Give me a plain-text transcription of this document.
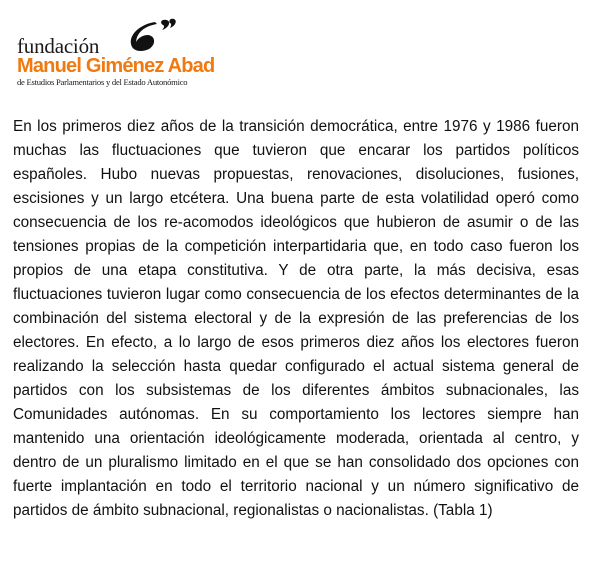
fundación
Manuel Giménez Abad
de Estudios Parlamentarios y del Estado Autonómico

En los primeros diez años de la transición democrática, entre 1976 y 1986 fueron muchas las fluctuaciones que tuvieron que encarar los partidos políticos españoles. Hubo nuevas propuestas, renovaciones, disoluciones, fusiones, escisiones y un largo etcétera. Una buena parte de esta volatilidad operó como consecuencia de los re-acomodos ideológicos que hubieron de asumir o de las tensiones propias de la competición interpartidaria que, en todo caso fueron los propios de una etapa constitutiva. Y de otra parte, la más decisiva, esas fluctuaciones tuvieron lugar como consecuencia de los efectos determinantes de la combinación del sistema electoral y de la expresión de las preferencias de los electores. En efecto, a lo largo de esos primeros diez años los electores fueron realizando la selección hasta quedar configurado el actual sistema general de partidos con los subsistemas de los diferentes ámbitos subnacionales, las Comunidades autónomas. En su comportamiento los lectores siempre han mantenido una orientación ideológicamente moderada, orientada al centro, y dentro de un pluralismo limitado en el que se han consolidado dos opciones con fuerte implantación en todo el territorio nacional y un número significativo de partidos de ámbito subnacional, regionalistas o nacionalistas. (Tabla 1)
